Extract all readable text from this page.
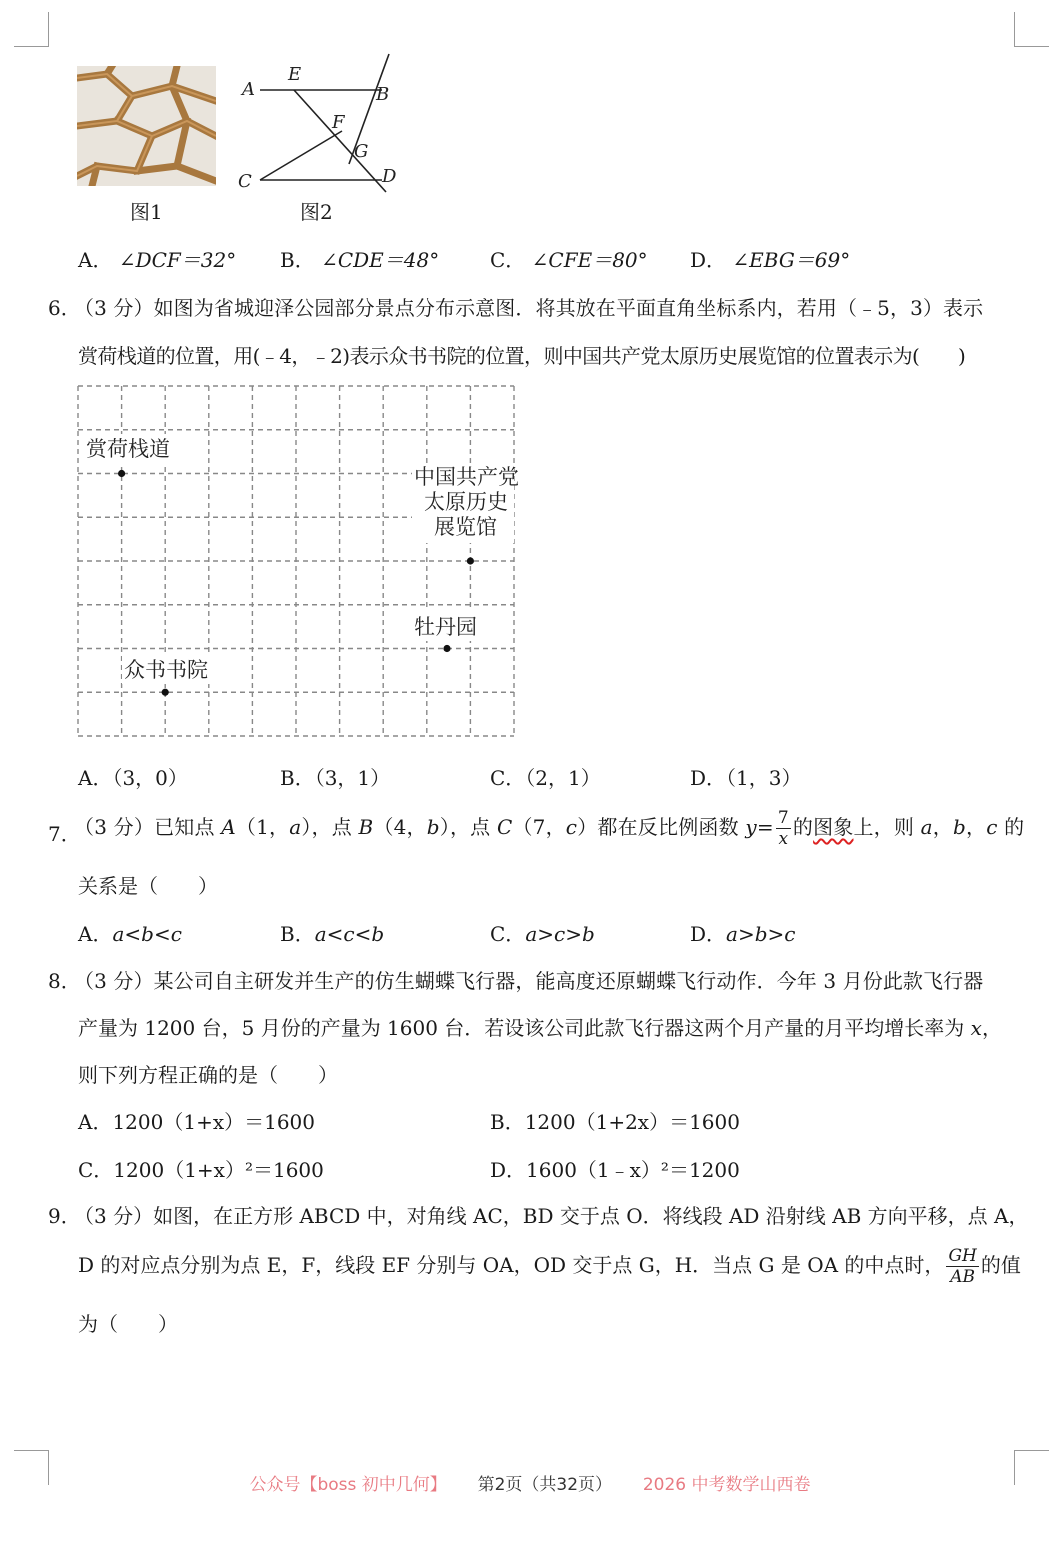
图1
A
E
B
F
G
C	D
图2
A． ∠DCF＝32° B． ∠CDE＝48°	C． ∠CFE＝80° D． ∠EBG＝69°
6．
（3 分）如图为省城迎泽公园部分景点分布示意图．将其放在平面直角坐标系内，若用（﹣5，3）表示
赏荷栈道的位置，用(﹣4，﹣2)表示众书书院的位置，则中国共产党太原历史展览馆的位置表示为(　　)
赏荷栈道
中国共产党
太原历史
展览馆
牡丹园
众书书院
A．（3，0）	B．（3，1）	C．（2，1）	D．（1，3）
7．
（3 分）已知点 A（1，a），点 B（4，b），点 C（7，c）都在反比例函数 $y= \frac{7}{x}$ 的图象上，则 a，b，c 的
关系是（　　）
A．a<b<c	B．a<c<b	C．a>c>b	D．a>b>c
8．
（3 分）某公司自主研发并生产的仿生蝴蝶飞行器，能高度还原蝴蝶飞行动作．今年 3 月份此款飞行器
产量为 1200 台，5 月份的产量为 1600 台．若设该公司此款飞行器这两个月产量的月平均增长率为 x，
则下列方程正确的是（　　）
A．1200（1+x）＝1600	B．1200（1+2x）＝1600
C．1200（1+x）²＝1600	D．1600（1﹣x）²＝1200
9．
（3 分）如图，在正方形 ABCD 中，对角线 AC，BD 交于点 O．将线段 AD 沿射线 AB 方向平移，点 A，
D 的对应点分别为点 E，F，线段 EF 分别与 OA，OD 交于点 G，H．当点 G 是 OA 的中点时， $\frac{GH}{AB}$ 的值
为（　　）
公众号【boss 初中几何】 第2页（共32页） 2026 中考数学山西卷
